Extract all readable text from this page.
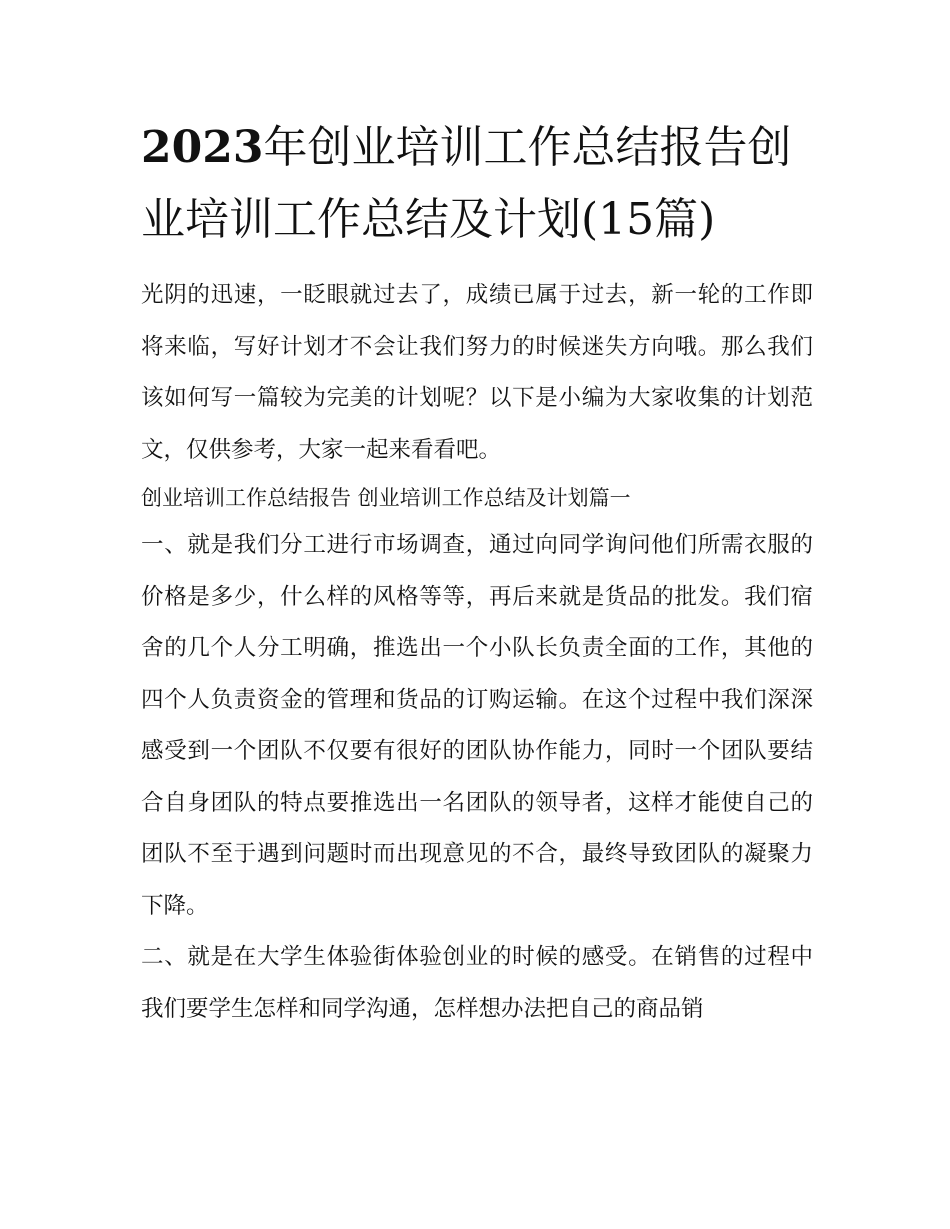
2023年创业培训工作总结报告创业培训工作总结及计划(15篇)

光阴的迅速，一眨眼就过去了，成绩已属于过去，新一轮的工作即将来临，写好计划才不会让我们努力的时候迷失方向哦。那么我们该如何写一篇较为完美的计划呢？以下是小编为大家收集的计划范文，仅供参考，大家一起来看看吧。

创业培训工作总结报告 创业培训工作总结及计划篇一

一、就是我们分工进行市场调查，通过向同学询问他们所需衣服的价格是多少，什么样的风格等等，再后来就是货品的批发。我们宿舍的几个人分工明确，推选出一个小队长负责全面的工作，其他的四个人负责资金的管理和货品的订购运输。在这个过程中我们深深感受到一个团队不仅要有很好的团队协作能力，同时一个团队要结合自身团队的特点要推选出一名团队的领导者，这样才能使自己的团队不至于遇到问题时而出现意见的不合，最终导致团队的凝聚力下降。

二、就是在大学生体验街体验创业的时候的感受。在销售的过程中我们要学生怎样和同学沟通，怎样想办法把自己的商品销
